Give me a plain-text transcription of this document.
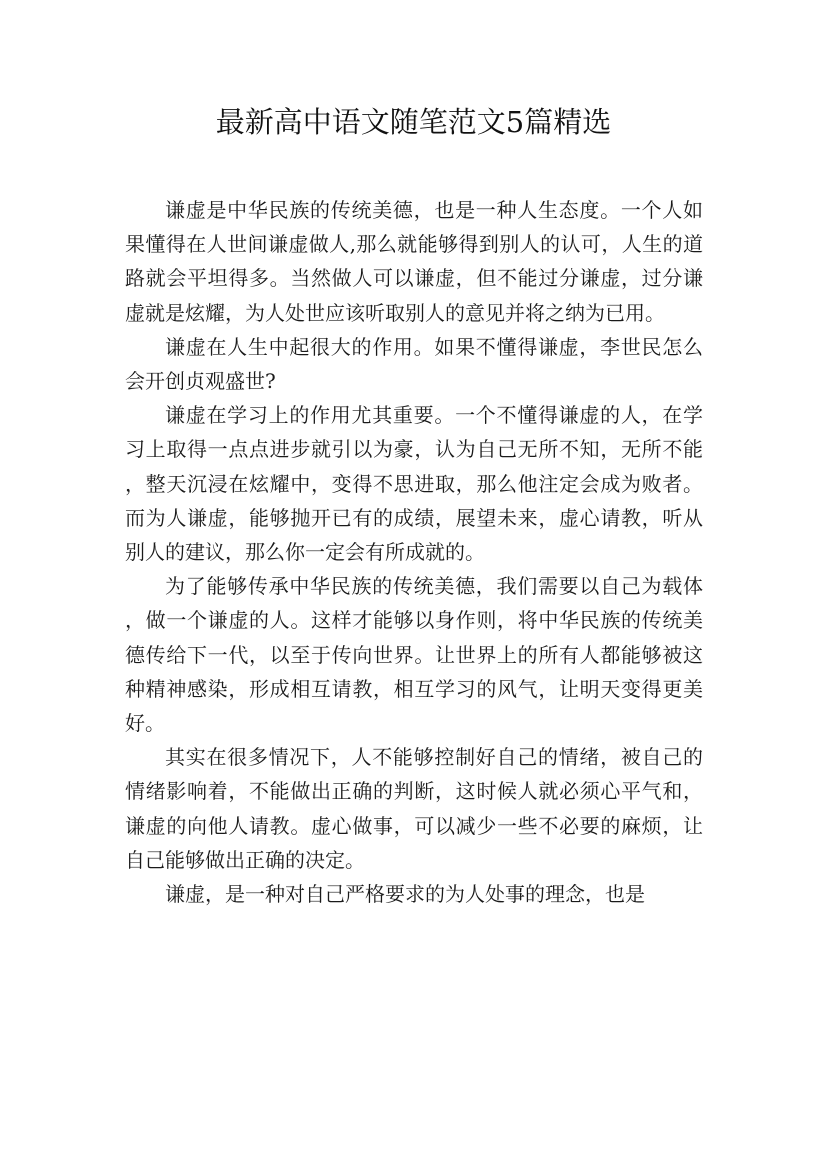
最新高中语文随笔范文5篇精选

谦虚是中华民族的传统美德，也是一种人生态度。一个人如果懂得在人世间谦虚做人,那么就能够得到别人的认可，人生的道路就会平坦得多。当然做人可以谦虚，但不能过分谦虚，过分谦虚就是炫耀，为人处世应该听取别人的意见并将之纳为已用。

谦虚在人生中起很大的作用。如果不懂得谦虚，李世民怎么会开创贞观盛世?

谦虚在学习上的作用尤其重要。一个不懂得谦虚的人，在学习上取得一点点进步就引以为豪，认为自己无所不知，无所不能，整天沉浸在炫耀中，变得不思进取，那么他注定会成为败者。而为人谦虚，能够抛开已有的成绩，展望未来，虚心请教，听从别人的建议，那么你一定会有所成就的。

为了能够传承中华民族的传统美德，我们需要以自己为载体，做一个谦虚的人。这样才能够以身作则，将中华民族的传统美德传给下一代，以至于传向世界。让世界上的所有人都能够被这种精神感染，形成相互请教，相互学习的风气，让明天变得更美好。

其实在很多情况下，人不能够控制好自己的情绪，被自己的情绪影响着，不能做出正确的判断，这时候人就必须心平气和，谦虚的向他人请教。虚心做事，可以减少一些不必要的麻烦，让自己能够做出正确的决定。

谦虚，是一种对自己严格要求的为人处事的理念，也是
